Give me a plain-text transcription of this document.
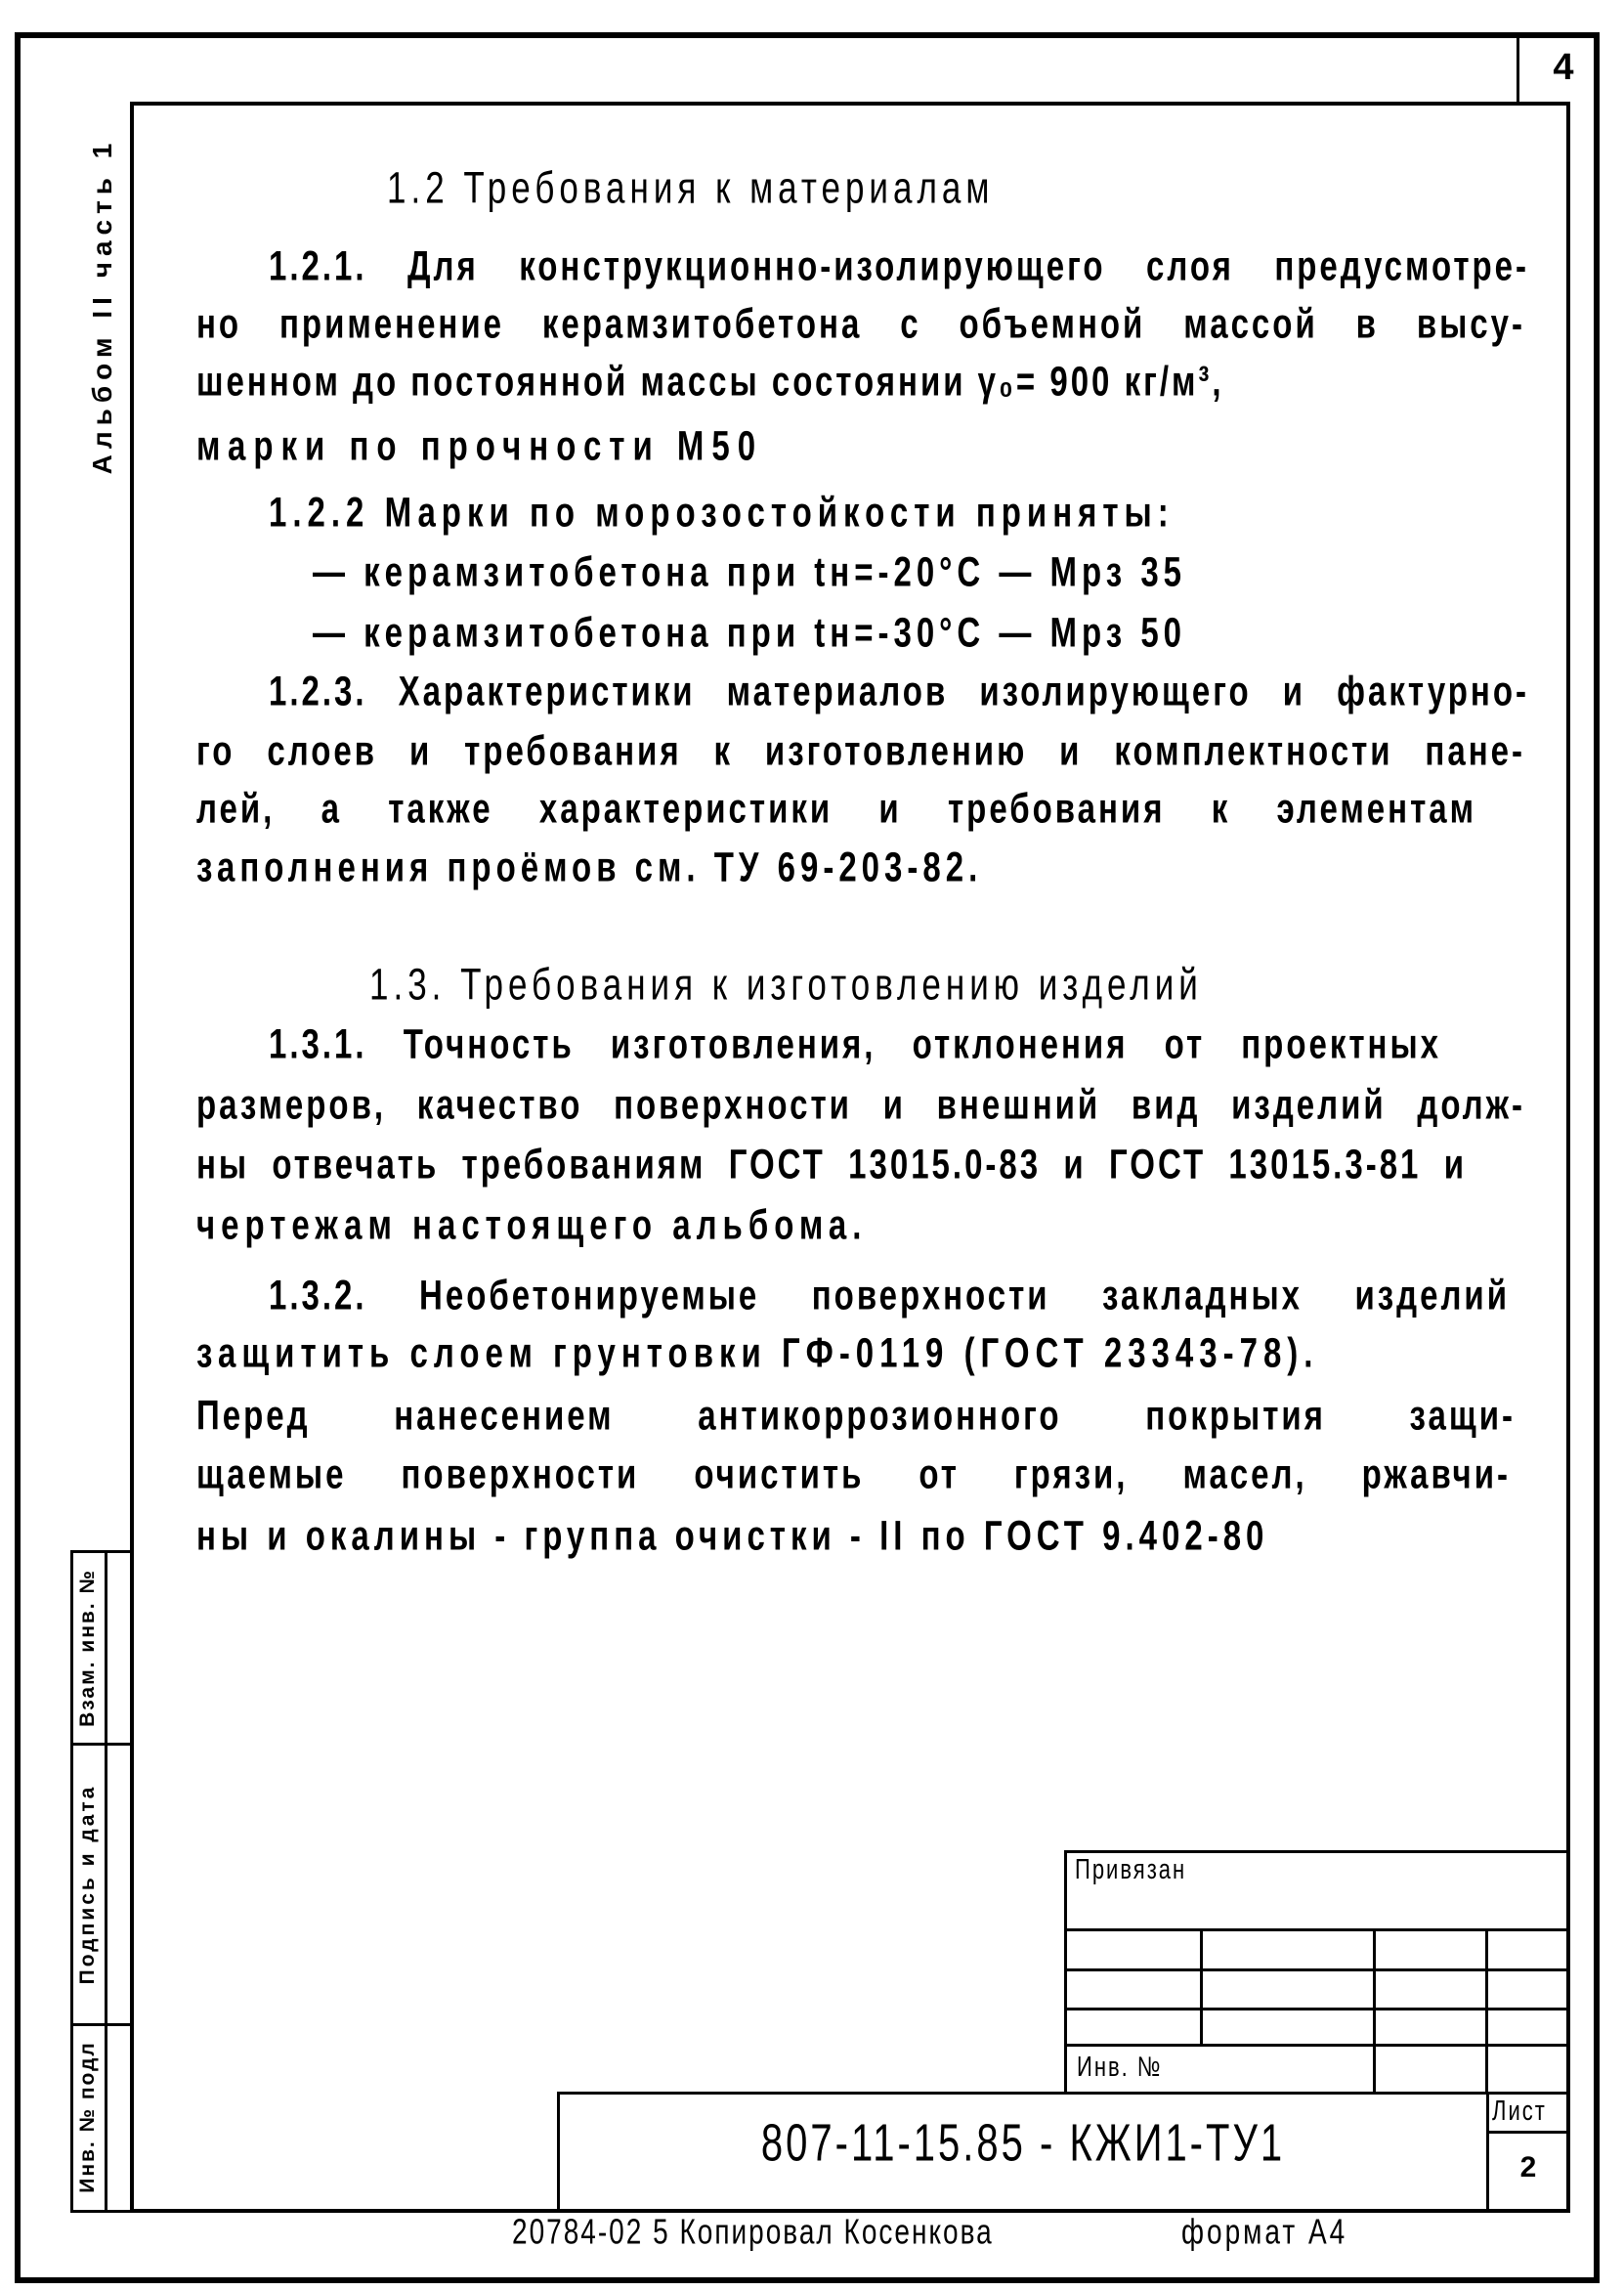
4
Альбом II часть 1	1.2 Требования к материалам
1.2.1. Для конструкционно-изолирующего слоя предусмотре-
но применение керамзитобетона с объемной массой в высу-
шенном до постоянной массы состоянии γ₀= 900 кг/м³,
марки по прочности М50
1.2.2 Марки по морозостойкости приняты:
— керамзитобетона при tн=-20°С — Мрз 35
— керамзитобетона при tн=-30°С — Мрз 50
1.2.3. Характеристики материалов изолирующего и фактурно-
го слоев и требования к изготовлению и комплектности пане-
лей, а также характеристики и требования к элементам
заполнения проёмов см. ТУ 69-203-82.
1.3. Требования к изготовлению изделий
1.3.1. Точность изготовления, отклонения от проектных
размеров, качество поверхности и внешний вид изделий долж-
ны отвечать требованиям ГОСТ 13015.0-83 и ГОСТ 13015.3-81 и
чертежам настоящего альбома.
1.3.2. Необетонируемые поверхности закладных изделий
защитить слоем грунтовки ГФ-0119 (ГОСТ 23343-78).
Перед нанесением антикоррозионного покрытия защи-
щаемые поверхности очистить от грязи, масел, ржавчи-
ны и окалины - группа очистки - II по ГОСТ 9.402-80
Взам. инв. №
Подпись и дата
Инв. № подл
Привязан
Инв. №
807-11-15.85 - КЖИ1-ТУ1
Лист
2
20784-02 5 Копировал Косенкова	формат А4
